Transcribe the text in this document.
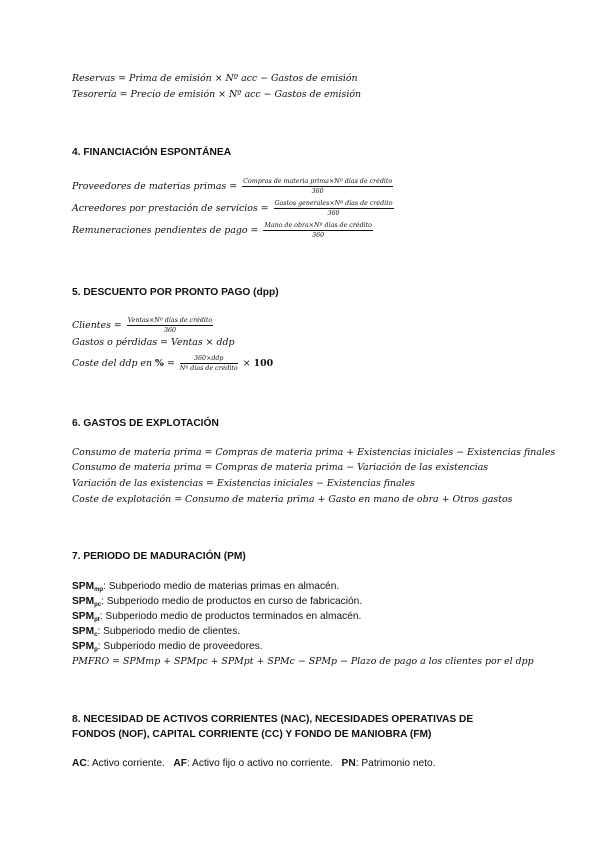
Reservas = Prima de emisión × Nº acc − Gastos de emisión
Tesorería = Precio de emisión × Nº acc − Gastos de emisión
4. FINANCIACIÓN ESPONTÁNEA
Proveedores de materias primas = $\frac{\text{Compras de materia prima×Nº días de crédito}}{360}$
Acreedores por prestación de servicios = $\frac{\text{Gastos generales×Nº días de crédito}}{360}$
Remuneraciones pendientes de pago = $\frac{\text{Mano de obra×Nº días de crédito}}{360}$
5. DESCUENTO POR PRONTO PAGO (dpp)
Clientes = $\frac{\text{Ventas×Nº días de crédito}}{360}$
Gastos o pérdidas = Ventas × ddp
Coste del ddp en % = $\frac{\text{360×ddp}}{\text{Nº días de crédito}} \times 100$
6. GASTOS DE EXPLOTACIÓN
Consumo de materia prima = Compras de materia prima + Existencias iniciales − Existencias finales
Consumo de materia prima = Compras de materia prima − Variación de las existencias
Variación de las existencias = Existencias iniciales − Existencias finales
Coste de explotación = Consumo de materia prima + Gasto en mano de obra + Otros gastos
7. PERIODO DE MADURACIÓN (PM)
$SPM_{mp}$: Subperiodo medio de materias primas en almacén.
$SPM_{pc}$: Subperiodo medio de productos en curso de fabricación.
$SPM_{pt}$: Subperiodo medio de productos terminados en almacén.
$SPM_c$: Subperiodo medio de clientes.
$SPM_p$: Subperiodo medio de proveedores.
PMFRO = SPMmp + SPMpc + SPMpt + SPMc − SPMp − Plazo de pago a los clientes por el dpp
8. NECESIDAD DE ACTIVOS CORRIENTES (NAC), NECESIDADES OPERATIVAS DE
FONDOS (NOF), CAPITAL CORRIENTE (CC) Y FONDO DE MANIOBRA (FM)
AC: Activo corriente. AF: Activo fijo o activo no corriente. PN: Patrimonio neto.
